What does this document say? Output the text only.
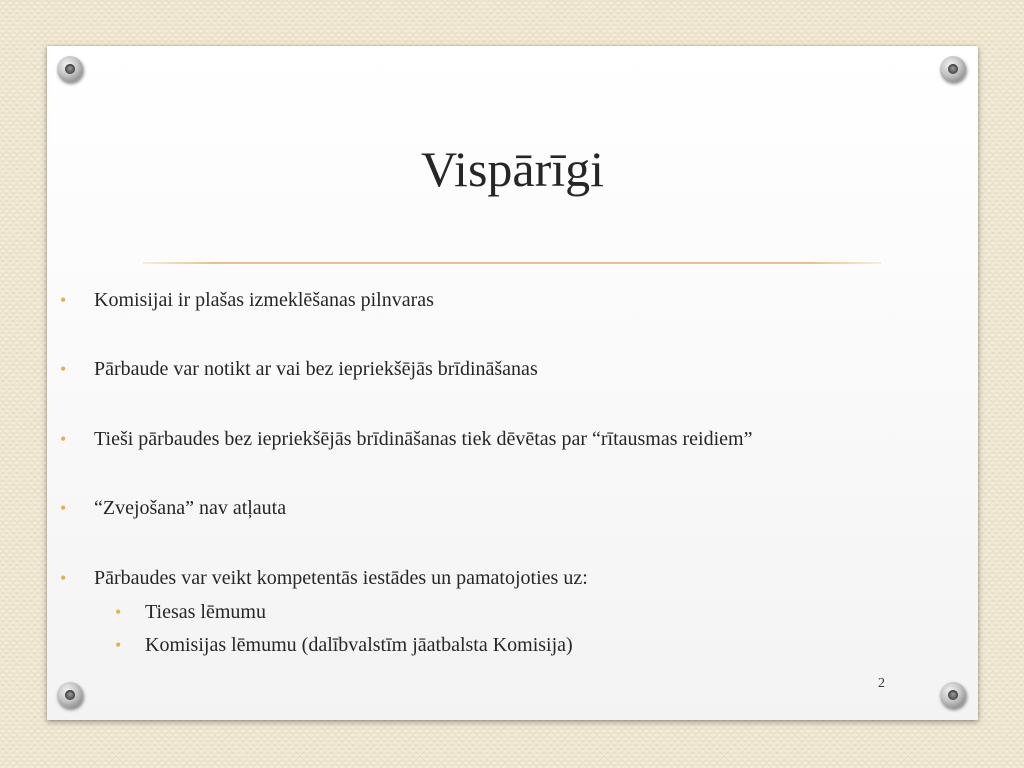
Vispārīgi
• Komisijai ir plašas izmeklēšanas pilnvaras
• Pārbaude var notikt ar vai bez iepriekšējās brīdināšanas
• Tieši pārbaudes bez iepriekšējās brīdināšanas tiek dēvētas par “rītausmas reidiem”
• “Zvejošana” nav atļauta
• Pārbaudes var veikt kompetentās iestādes un pamatojoties uz:
• Tiesas lēmumu
• Komisijas lēmumu (dalībvalstīm jāatbalsta Komisija)
2
